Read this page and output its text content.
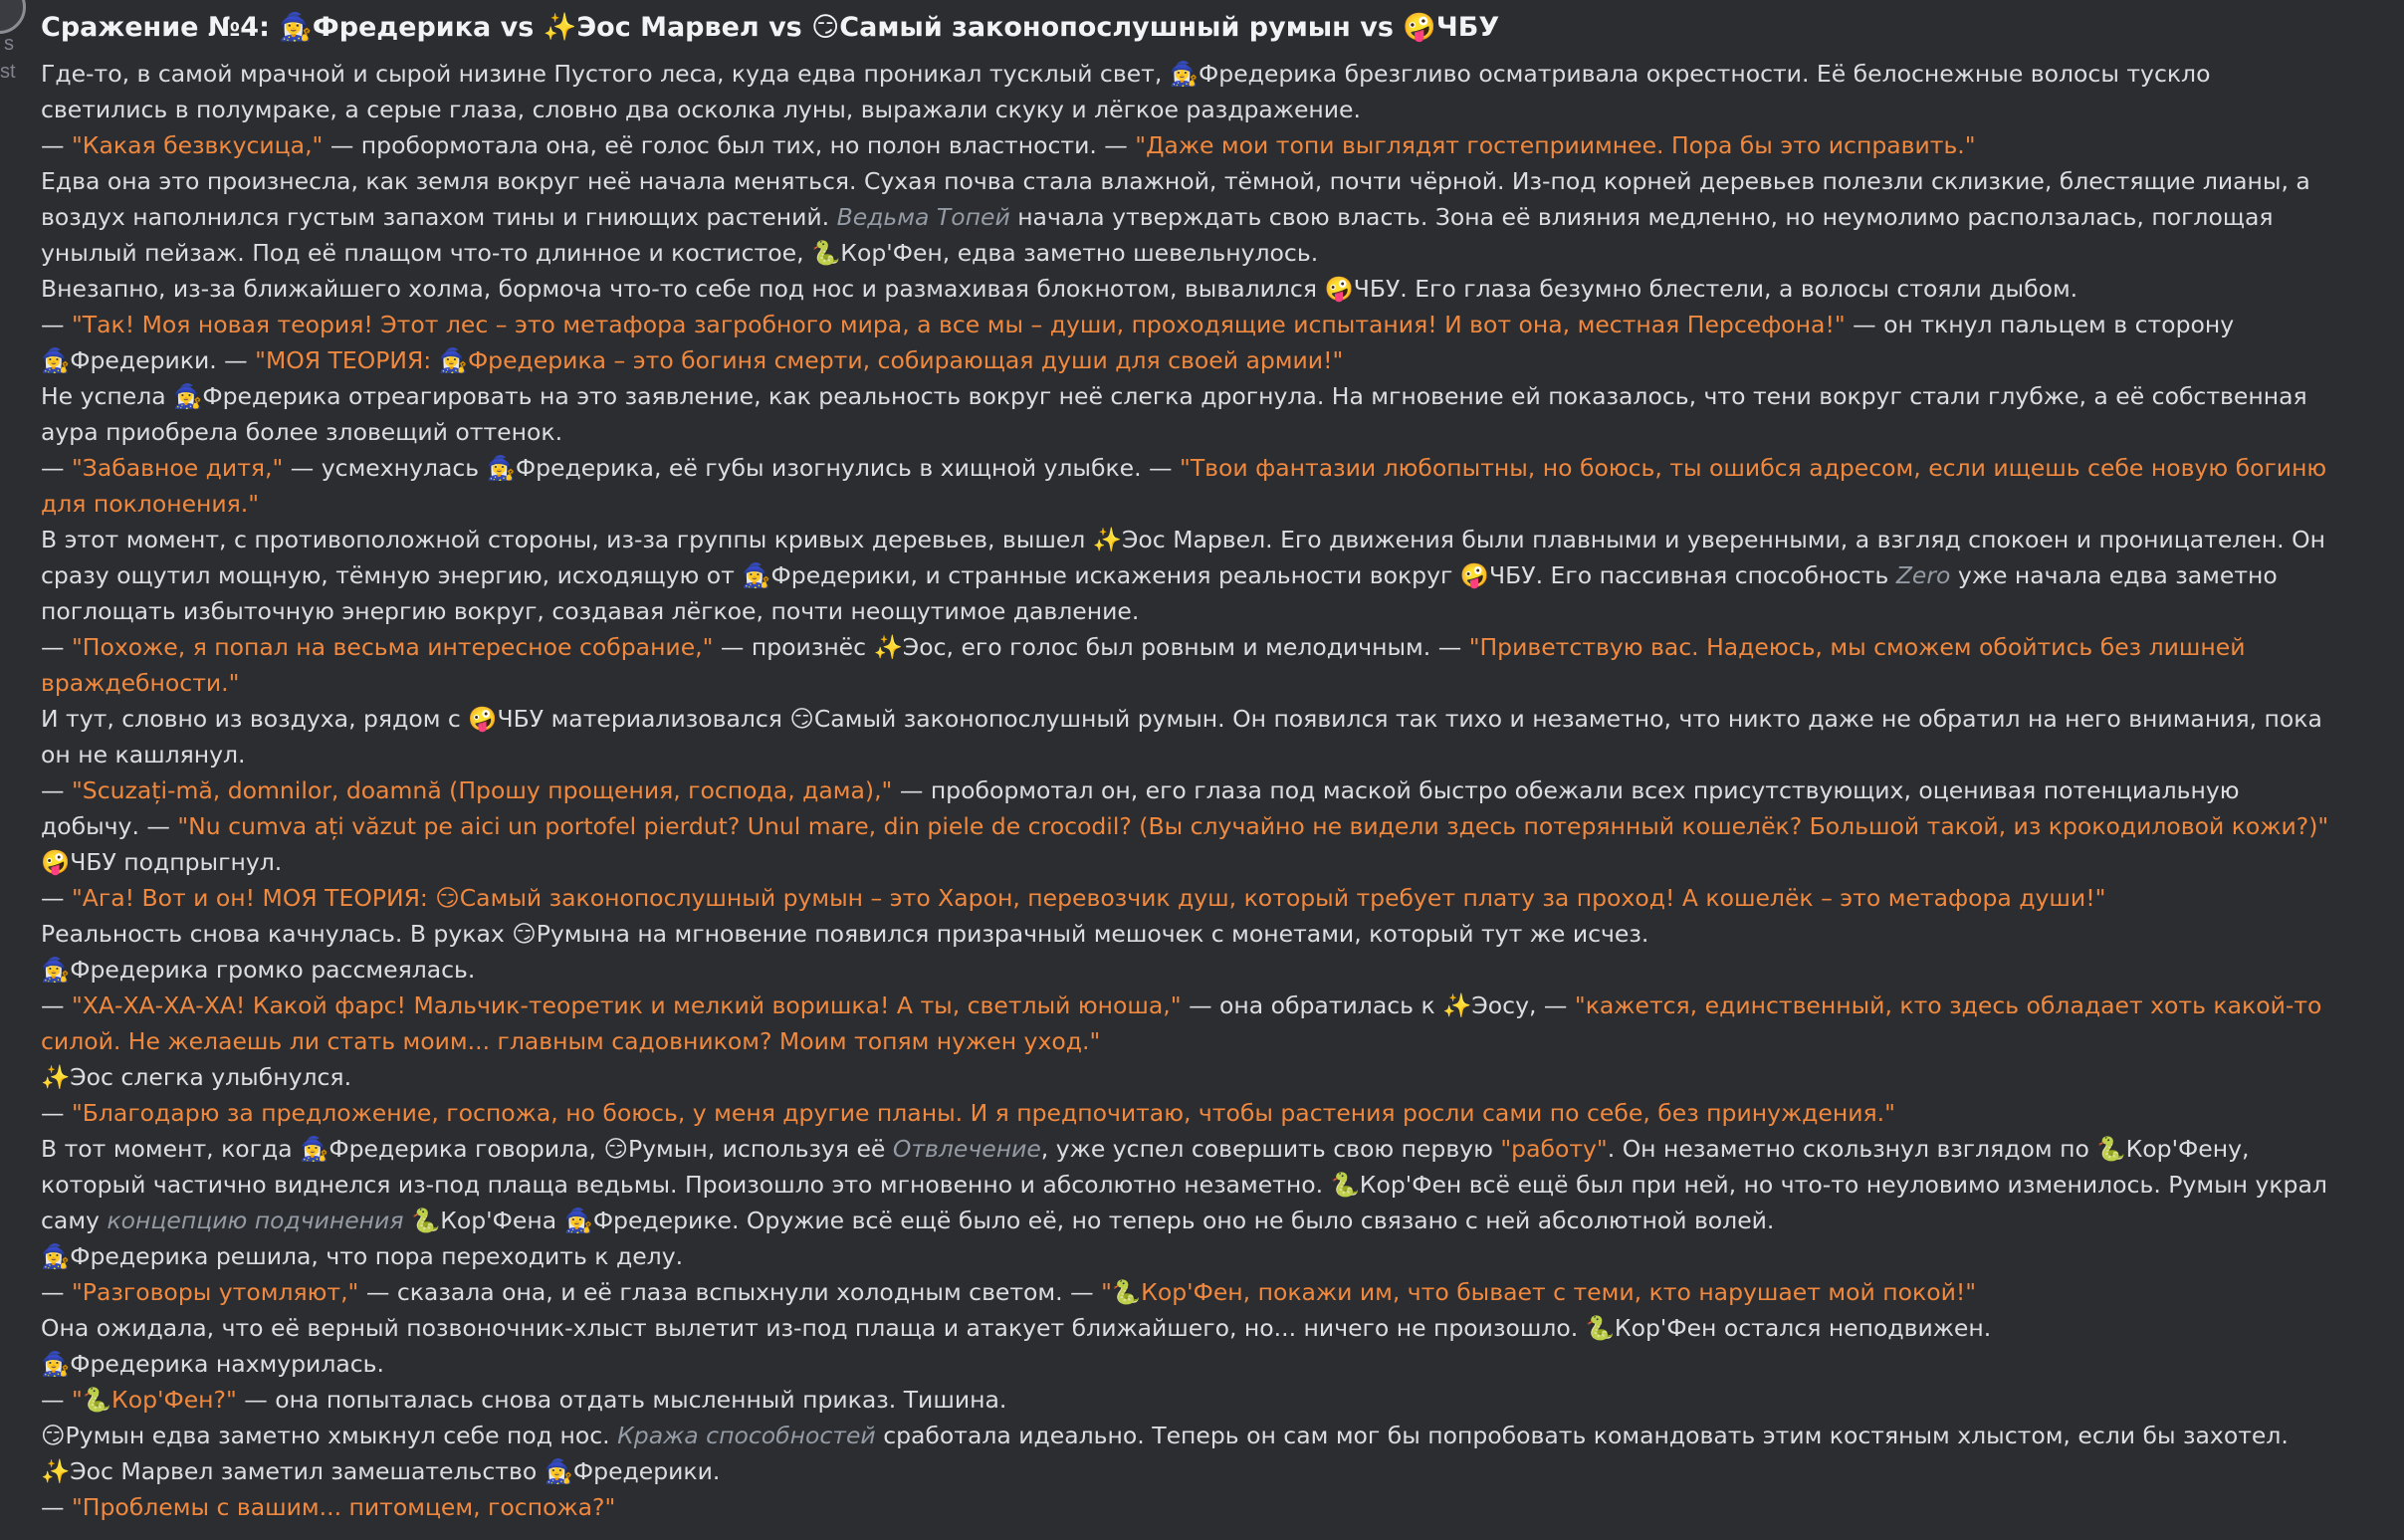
s
st
Сражение №4: 🧙‍♀️Фредерика vs ✨Эос Марвел vs 😏Самый законопослушный румын vs 🤪ЧБУ
Где-то, в самой мрачной и сырой низине Пустого леса, куда едва проникал тусклый свет, 🧙‍♀️Фредерика брезгливо осматривала окрестности. Её белоснежные волосы тускло светились в полумраке, а серые глаза, словно два осколка луны, выражали скуку и лёгкое раздражение.
— "Какая безвкусица," — пробормотала она, её голос был тих, но полон властности. — "Даже мои топи выглядят гостеприимнее. Пора бы это исправить."
Едва она это произнесла, как земля вокруг неё начала меняться. Сухая почва стала влажной, тёмной, почти чёрной. Из-под корней деревьев полезли склизкие, блестящие лианы, а воздух наполнился густым запахом тины и гниющих растений. Ведьма Топей начала утверждать свою власть. Зона её влияния медленно, но неумолимо расползалась, поглощая унылый пейзаж. Под её плащом что-то длинное и костистое, 🐍Кор'Фен, едва заметно шевельнулось.
Внезапно, из-за ближайшего холма, бормоча что-то себе под нос и размахивая блокнотом, вывалился 🤪ЧБУ. Его глаза безумно блестели, а волосы стояли дыбом.
— "Так! Моя новая теория! Этот лес – это метафора загробного мира, а все мы – души, проходящие испытания! И вот она, местная Персефона!" — он ткнул пальцем в сторону 🧙‍♀️Фредерики. — "МОЯ ТЕОРИЯ: 🧙‍♀️Фредерика – это богиня смерти, собирающая души для своей армии!"
Не успела 🧙‍♀️Фредерика отреагировать на это заявление, как реальность вокруг неё слегка дрогнула. На мгновение ей показалось, что тени вокруг стали глубже, а её собственная аура приобрела более зловещий оттенок.
— "Забавное дитя," — усмехнулась 🧙‍♀️Фредерика, её губы изогнулись в хищной улыбке. — "Твои фантазии любопытны, но боюсь, ты ошибся адресом, если ищешь себе новую богиню для поклонения."
В этот момент, с противоположной стороны, из-за группы кривых деревьев, вышел ✨Эос Марвел. Его движения были плавными и уверенными, а взгляд спокоен и проницателен. Он сразу ощутил мощную, тёмную энергию, исходящую от 🧙‍♀️Фредерики, и странные искажения реальности вокруг 🤪ЧБУ. Его пассивная способность Zero уже начала едва заметно поглощать избыточную энергию вокруг, создавая лёгкое, почти неощутимое давление.
— "Похоже, я попал на весьма интересное собрание," — произнёс ✨Эос, его голос был ровным и мелодичным. — "Приветствую вас. Надеюсь, мы сможем обойтись без лишней враждебности."
И тут, словно из воздуха, рядом с 🤪ЧБУ материализовался 😏Самый законопослушный румын. Он появился так тихо и незаметно, что никто даже не обратил на него внимания, пока он не кашлянул.
— "Scuzați-mă, domnilor, doamnă (Прошу прощения, господа, дама)," — пробормотал он, его глаза под маской быстро обежали всех присутствующих, оценивая потенциальную добычу. — "Nu cumva ați văzut pe aici un portofel pierdut? Unul mare, din piele de crocodil? (Вы случайно не видели здесь потерянный кошелёк? Большой такой, из крокодиловой кожи?)"
🤪ЧБУ подпрыгнул.
— "Ага! Вот и он! МОЯ ТЕОРИЯ: 😏Самый законопослушный румын – это Харон, перевозчик душ, который требует плату за проход! А кошелёк – это метафора души!"
Реальность снова качнулась. В руках 😏Румына на мгновение появился призрачный мешочек с монетами, который тут же исчез.
🧙‍♀️Фредерика громко рассмеялась.
— "ХА-ХА-ХА-ХА! Какой фарс! Мальчик-теоретик и мелкий воришка! А ты, светлый юноша," — она обратилась к ✨Эосу, — "кажется, единственный, кто здесь обладает хоть какой-то силой. Не желаешь ли стать моим... главным садовником? Моим топям нужен уход."
✨Эос слегка улыбнулся.
— "Благодарю за предложение, госпожа, но боюсь, у меня другие планы. И я предпочитаю, чтобы растения росли сами по себе, без принуждения."
В тот момент, когда 🧙‍♀️Фредерика говорила, 😏Румын, используя её Отвлечение, уже успел совершить свою первую "работу". Он незаметно скользнул взглядом по 🐍Кор'Фену, который частично виднелся из-под плаща ведьмы. Произошло это мгновенно и абсолютно незаметно. 🐍Кор'Фен всё ещё был при ней, но что-то неуловимо изменилось. Румын украл саму концепцию подчинения 🐍Кор'Фена 🧙‍♀️Фредерике. Оружие всё ещё было её, но теперь оно не было связано с ней абсолютной волей.
🧙‍♀️Фредерика решила, что пора переходить к делу.
— "Разговоры утомляют," — сказала она, и её глаза вспыхнули холодным светом. — "🐍Кор'Фен, покажи им, что бывает с теми, кто нарушает мой покой!"
Она ожидала, что её верный позвоночник-хлыст вылетит из-под плаща и атакует ближайшего, но... ничего не произошло. 🐍Кор'Фен остался неподвижен.
🧙‍♀️Фредерика нахмурилась.
— "🐍Кор'Фен?" — она попыталась снова отдать мысленный приказ. Тишина.
😏Румын едва заметно хмыкнул себе под нос. Кража способностей сработала идеально. Теперь он сам мог бы попробовать командовать этим костяным хлыстом, если бы захотел.
✨Эос Марвел заметил замешательство 🧙‍♀️Фредерики.
— "Проблемы с вашим... питомцем, госпожа?"
